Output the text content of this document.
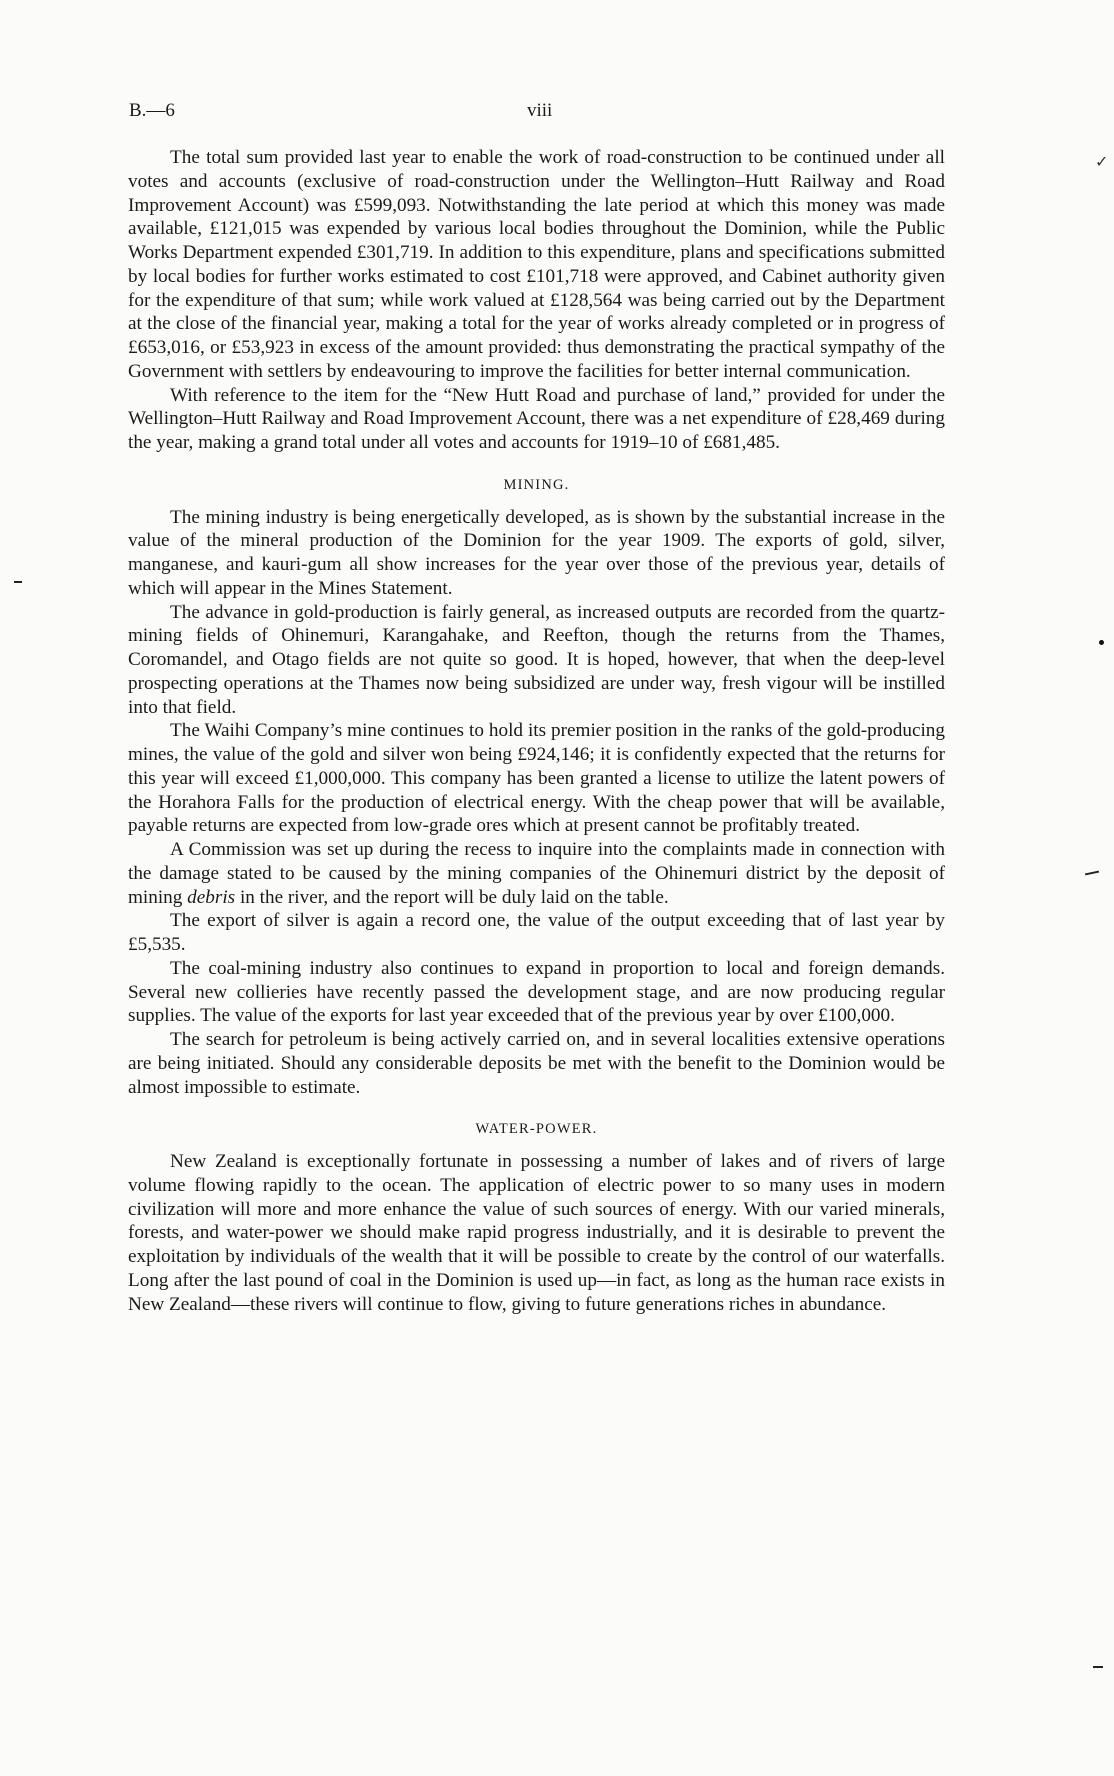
B.—6	viii

The total sum provided last year to enable the work of road-construction to be continued under all votes and accounts (exclusive of road-construction under the Wellington–Hutt Railway and Road Improvement Account) was £599,093. Notwithstanding the late period at which this money was made available, £121,015 was expended by various local bodies throughout the Dominion, while the Public Works Department expended £301,719. In addition to this expenditure, plans and specifications submitted by local bodies for further works estimated to cost £101,718 were approved, and Cabinet authority given for the expenditure of that sum; while work valued at £128,564 was being carried out by the Department at the close of the financial year, making a total for the year of works already completed or in progress of £653,016, or £53,923 in excess of the amount provided: thus demonstrating the practical sympathy of the Government with settlers by endeavouring to improve the facilities for better internal communication.

With reference to the item for the “New Hutt Road and purchase of land,” provided for under the Wellington–Hutt Railway and Road Improvement Account, there was a net expenditure of £28,469 during the year, making a grand total under all votes and accounts for 1919–10 of £681,485.

MINING.

The mining industry is being energetically developed, as is shown by the substantial increase in the value of the mineral production of the Dominion for the year 1909. The exports of gold, silver, manganese, and kauri-gum all show increases for the year over those of the previous year, details of which will appear in the Mines Statement.

The advance in gold-production is fairly general, as increased outputs are recorded from the quartz-mining fields of Ohinemuri, Karangahake, and Reefton, though the returns from the Thames, Coromandel, and Otago fields are not quite so good. It is hoped, however, that when the deep-level prospecting operations at the Thames now being subsidized are under way, fresh vigour will be instilled into that field.

The Waihi Company’s mine continues to hold its premier position in the ranks of the gold-producing mines, the value of the gold and silver won being £924,146; it is confidently expected that the returns for this year will exceed £1,000,000. This company has been granted a license to utilize the latent powers of the Horahora Falls for the production of electrical energy. With the cheap power that will be available, payable returns are expected from low-grade ores which at present cannot be profitably treated.

A Commission was set up during the recess to inquire into the complaints made in connection with the damage stated to be caused by the mining companies of the Ohinemuri district by the deposit of mining debris in the river, and the report will be duly laid on the table.

The export of silver is again a record one, the value of the output exceeding that of last year by £5,535.

The coal-mining industry also continues to expand in proportion to local and foreign demands. Several new collieries have recently passed the development stage, and are now producing regular supplies. The value of the exports for last year exceeded that of the previous year by over £100,000.

The search for petroleum is being actively carried on, and in several localities extensive operations are being initiated. Should any considerable deposits be met with the benefit to the Dominion would be almost impossible to estimate.

WATER-POWER.

New Zealand is exceptionally fortunate in possessing a number of lakes and of rivers of large volume flowing rapidly to the ocean. The application of electric power to so many uses in modern civilization will more and more enhance the value of such sources of energy. With our varied minerals, forests, and water-power we should make rapid progress industrially, and it is desirable to prevent the exploitation by individuals of the wealth that it will be possible to create by the control of our waterfalls. Long after the last pound of coal in the Dominion is used up—in fact, as long as the human race exists in New Zealand—these rivers will continue to flow, giving to future generations riches in abundance.

✓
